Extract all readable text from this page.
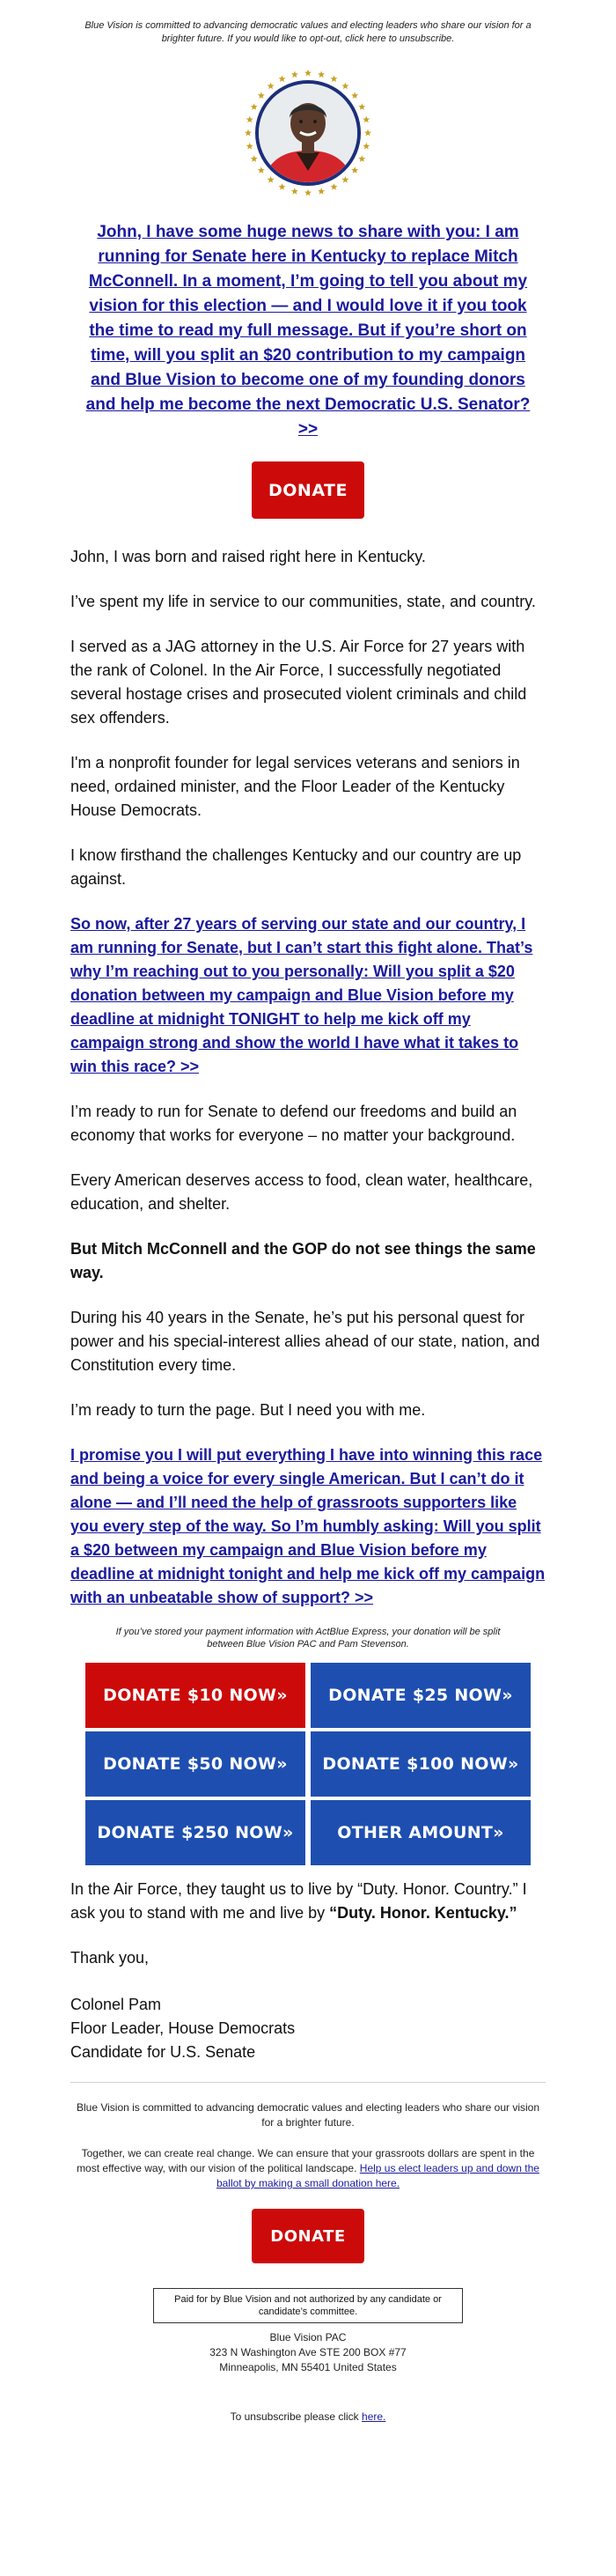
Blue Vision is committed to advancing democratic values and electing leaders who share our vision for a brighter future. If you would like to opt-out, click here to unsubscribe.
John, I have some huge news to share with you: I am running for Senate here in Kentucky to replace Mitch McConnell. In a moment, I’m going to tell you about my vision for this election — and I would love it if you took the time to read my full message. But if you’re short on time, will you split an $20 contribution to my campaign and Blue Vision to become one of my founding donors and help me become the next Democratic U.S. Senator? >>
DONATE

John, I was born and raised right here in Kentucky.

I’ve spent my life in service to our communities, state, and country.

I served as a JAG attorney in the U.S. Air Force for 27 years with the rank of Colonel. In the Air Force, I successfully negotiated several hostage crises and prosecuted violent criminals and child sex offenders.

I'm a nonprofit founder for legal services veterans and seniors in need, ordained minister, and the Floor Leader of the Kentucky House Democrats.

I know firsthand the challenges Kentucky and our country are up against.

So now, after 27 years of serving our state and our country, I am running for Senate, but I can’t start this fight alone. That’s why I’m reaching out to you personally: Will you split a $20 donation between my campaign and Blue Vision before my deadline at midnight TONIGHT to help me kick off my campaign strong and show the world I have what it takes to win this race? >>

I’m ready to run for Senate to defend our freedoms and build an economy that works for everyone – no matter your background.

Every American deserves access to food, clean water, healthcare, education, and shelter.

But Mitch McConnell and the GOP do not see things the same way.

During his 40 years in the Senate, he’s put his personal quest for power and his special-interest allies ahead of our state, nation, and Constitution every time.

I’m ready to turn the page. But I need you with me.

I promise you I will put everything I have into winning this race and being a voice for every single American. But I can’t do it alone — and I’ll need the help of grassroots supporters like you every step of the way. So I’m humbly asking: Will you split a $20 between my campaign and Blue Vision before my deadline at midnight tonight and help me kick off my campaign with an unbeatable show of support? >>

If you’ve stored your payment information with ActBlue Express, your donation will be split between Blue Vision PAC and Pam Stevenson.
DONATE $10 NOW»	DONATE $25 NOW»
DONATE $50 NOW»	DONATE $100 NOW»
DONATE $250 NOW»	OTHER AMOUNT»

In the Air Force, they taught us to live by “Duty. Honor. Country.” I ask you to stand with me and live by “Duty. Honor. Kentucky.”

Thank you,

Colonel Pam
Floor Leader, House Democrats
Candidate for U.S. Senate
Blue Vision is committed to advancing democratic values and electing leaders who share our vision for a brighter future.
Together, we can create real change. We can ensure that your grassroots dollars are spent in the most effective way, with our vision of the political landscape. Help us elect leaders up and down the ballot by making a small donation here.
DONATE
Paid for by Blue Vision and not authorized by any candidate or candidate’s committee.
Blue Vision PAC
323 N Washington Ave STE 200 BOX #77
Minneapolis, MN 55401 United States
To unsubscribe please click here.
